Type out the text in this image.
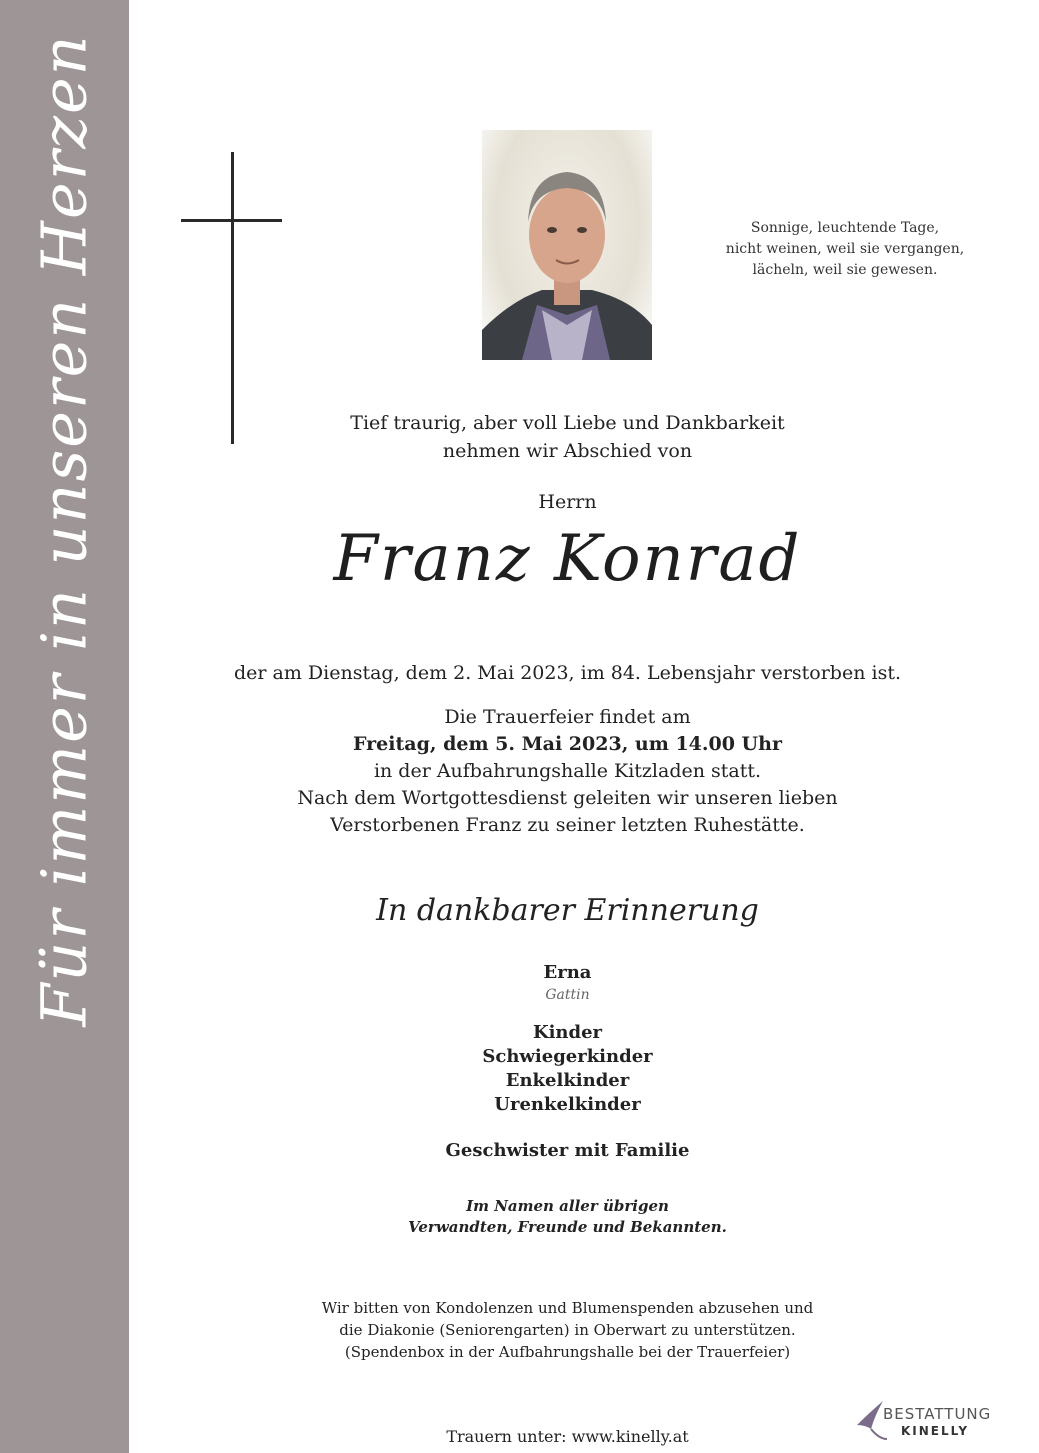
Für immer in unseren Herzen	Sonnige, leuchtende Tage,
nicht weinen, weil sie vergangen,
lächeln, weil sie gewesen.
Tief traurig, aber voll Liebe und Dankbarkeit
nehmen wir Abschied von
Herrn
Franz Konrad
der am Dienstag, dem 2. Mai 2023, im 84. Lebensjahr verstorben ist.
Die Trauerfeier findet am
Freitag, dem 5. Mai 2023, um 14.00 Uhr
in der Aufbahrungshalle Kitzladen statt.
Nach dem Wortgottesdienst geleiten wir unseren lieben
Verstorbenen Franz zu seiner letzten Ruhestätte.
In dankbarer Erinnerung
Erna
Gattin
Kinder
Schwiegerkinder
Enkelkinder
Urenkelkinder
Geschwister mit Familie
Im Namen aller übrigen
Verwandten, Freunde und Bekannten.
Wir bitten von Kondolenzen und Blumenspenden abzusehen und
die Diakonie (Seniorengarten) in Oberwart zu unterstützen.
(Spendenbox in der Aufbahrungshalle bei der Trauerfeier)
Trauern unter: www.kinelly.at
BESTATTUNG
KINELLY
